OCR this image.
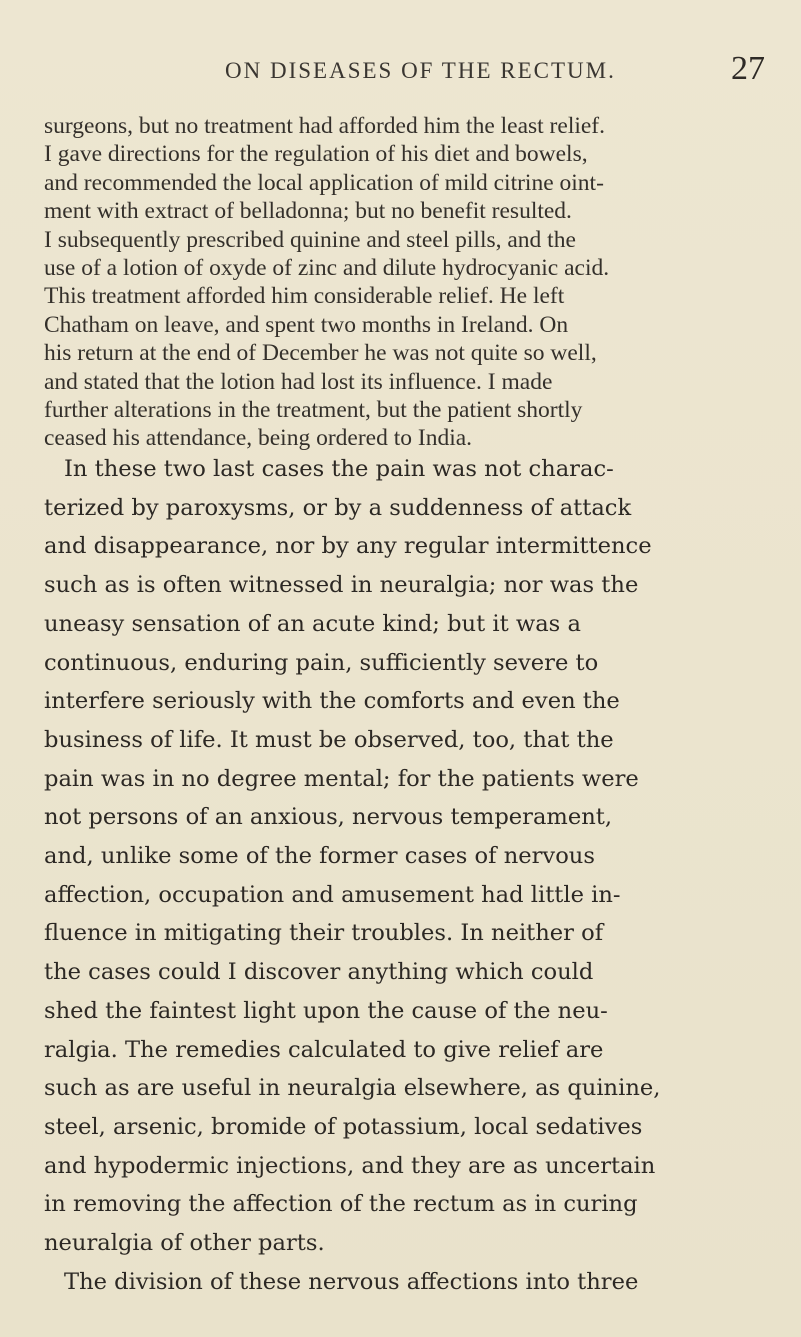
ON DISEASES OF THE RECTUM.	27
surgeons, but no treatment had afforded him the least relief.
I gave directions for the regulation of his diet and bowels,
and recommended the local application of mild citrine oint-
ment with extract of belladonna; but no benefit resulted.
I subsequently prescribed quinine and steel pills, and the
use of a lotion of oxyde of zinc and dilute hydrocyanic acid.
This treatment afforded him considerable relief. He left
Chatham on leave, and spent two months in Ireland. On
his return at the end of December he was not quite so well,
and stated that the lotion had lost its influence. I made
further alterations in the treatment, but the patient shortly
ceased his attendance, being ordered to India.
In these two last cases the pain was not charac-
terized by paroxysms, or by a suddenness of attack
and disappearance, nor by any regular intermittence
such as is often witnessed in neuralgia; nor was the
uneasy sensation of an acute kind; but it was a
continuous, enduring pain, sufficiently severe to
interfere seriously with the comforts and even the
business of life. It must be observed, too, that the
pain was in no degree mental; for the patients were
not persons of an anxious, nervous temperament,
and, unlike some of the former cases of nervous
affection, occupation and amusement had little in-
fluence in mitigating their troubles. In neither of
the cases could I discover anything which could
shed the faintest light upon the cause of the neu-
ralgia. The remedies calculated to give relief are
such as are useful in neuralgia elsewhere, as quinine,
steel, arsenic, bromide of potassium, local sedatives
and hypodermic injections, and they are as uncertain
in removing the affection of the rectum as in curing
neuralgia of other parts.
The division of these nervous affections into three
